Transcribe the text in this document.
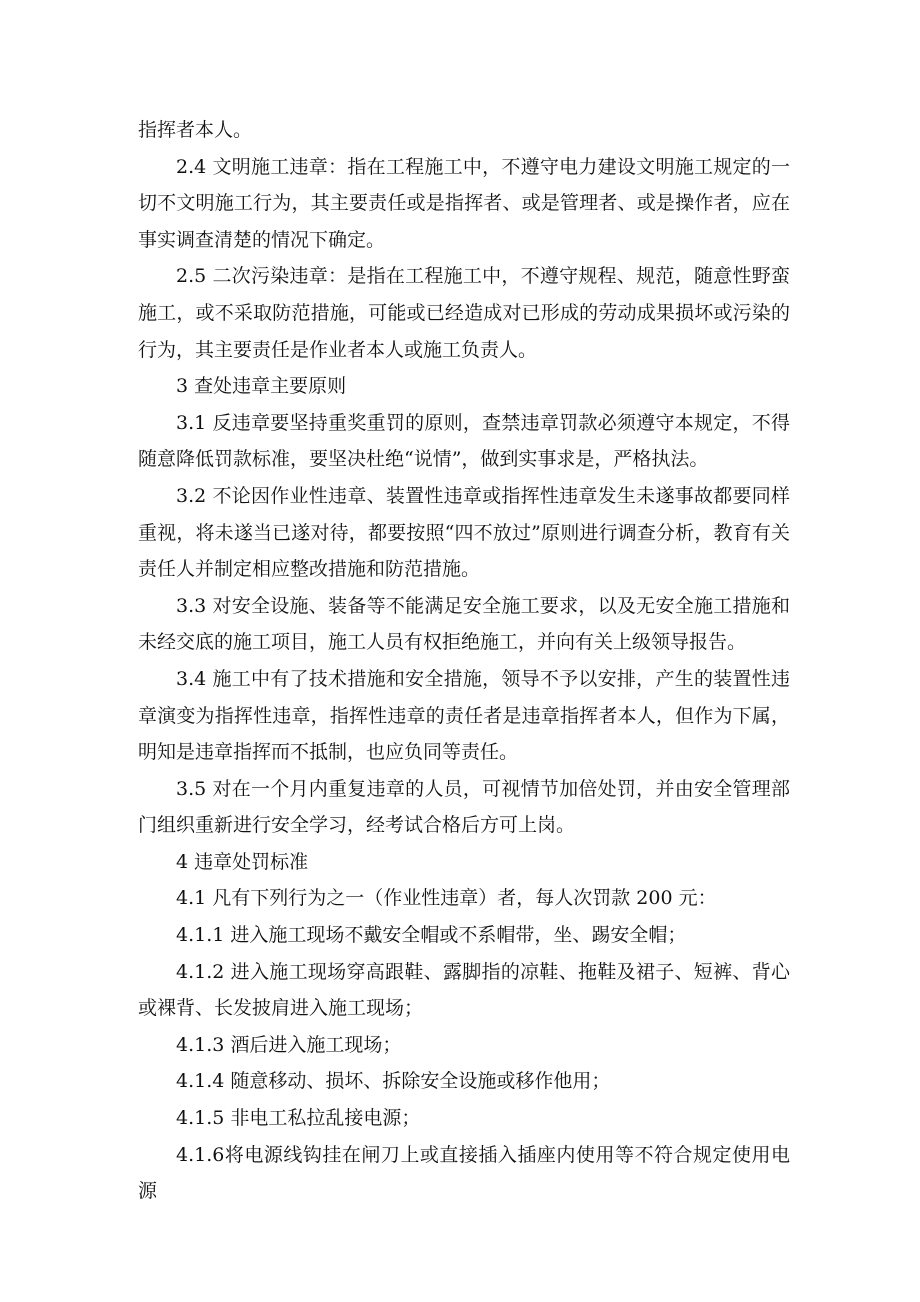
指挥者本人。

2.4 文明施工违章：指在工程施工中，不遵守电力建设文明施工规定的一切不文明施工行为，其主要责任或是指挥者、或是管理者、或是操作者，应在事实调查清楚的情况下确定。

2.5 二次污染违章：是指在工程施工中，不遵守规程、规范，随意性野蛮施工，或不采取防范措施，可能或已经造成对已形成的劳动成果损坏或污染的行为，其主要责任是作业者本人或施工负责人。

3 查处违章主要原则

3.1 反违章要坚持重奖重罚的原则，查禁违章罚款必须遵守本规定，不得随意降低罚款标准，要坚决杜绝“说情”，做到实事求是，严格执法。

3.2 不论因作业性违章、装置性违章或指挥性违章发生未遂事故都要同样重视，将未遂当已遂对待，都要按照“四不放过”原则进行调查分析，教育有关责任人并制定相应整改措施和防范措施。

3.3 对安全设施、装备等不能满足安全施工要求，以及无安全施工措施和未经交底的施工项目，施工人员有权拒绝施工，并向有关上级领导报告。

3.4 施工中有了技术措施和安全措施，领导不予以安排，产生的装置性违章演变为指挥性违章，指挥性违章的责任者是违章指挥者本人，但作为下属，明知是违章指挥而不抵制，也应负同等责任。

3.5 对在一个月内重复违章的人员，可视情节加倍处罚，并由安全管理部门组织重新进行安全学习，经考试合格后方可上岗。

4 违章处罚标准

4.1 凡有下列行为之一（作业性违章）者，每人次罚款 200 元：

4.1.1 进入施工现场不戴安全帽或不系帽带，坐、踢安全帽；

4.1.2 进入施工现场穿高跟鞋、露脚指的凉鞋、拖鞋及裙子、短裤、背心或裸背、长发披肩进入施工现场；

4.1.3 酒后进入施工现场；

4.1.4 随意移动、损坏、拆除安全设施或移作他用；

4.1.5 非电工私拉乱接电源；

4.1.6将电源线钩挂在闸刀上或直接插入插座内使用等不符合规定使用电源
